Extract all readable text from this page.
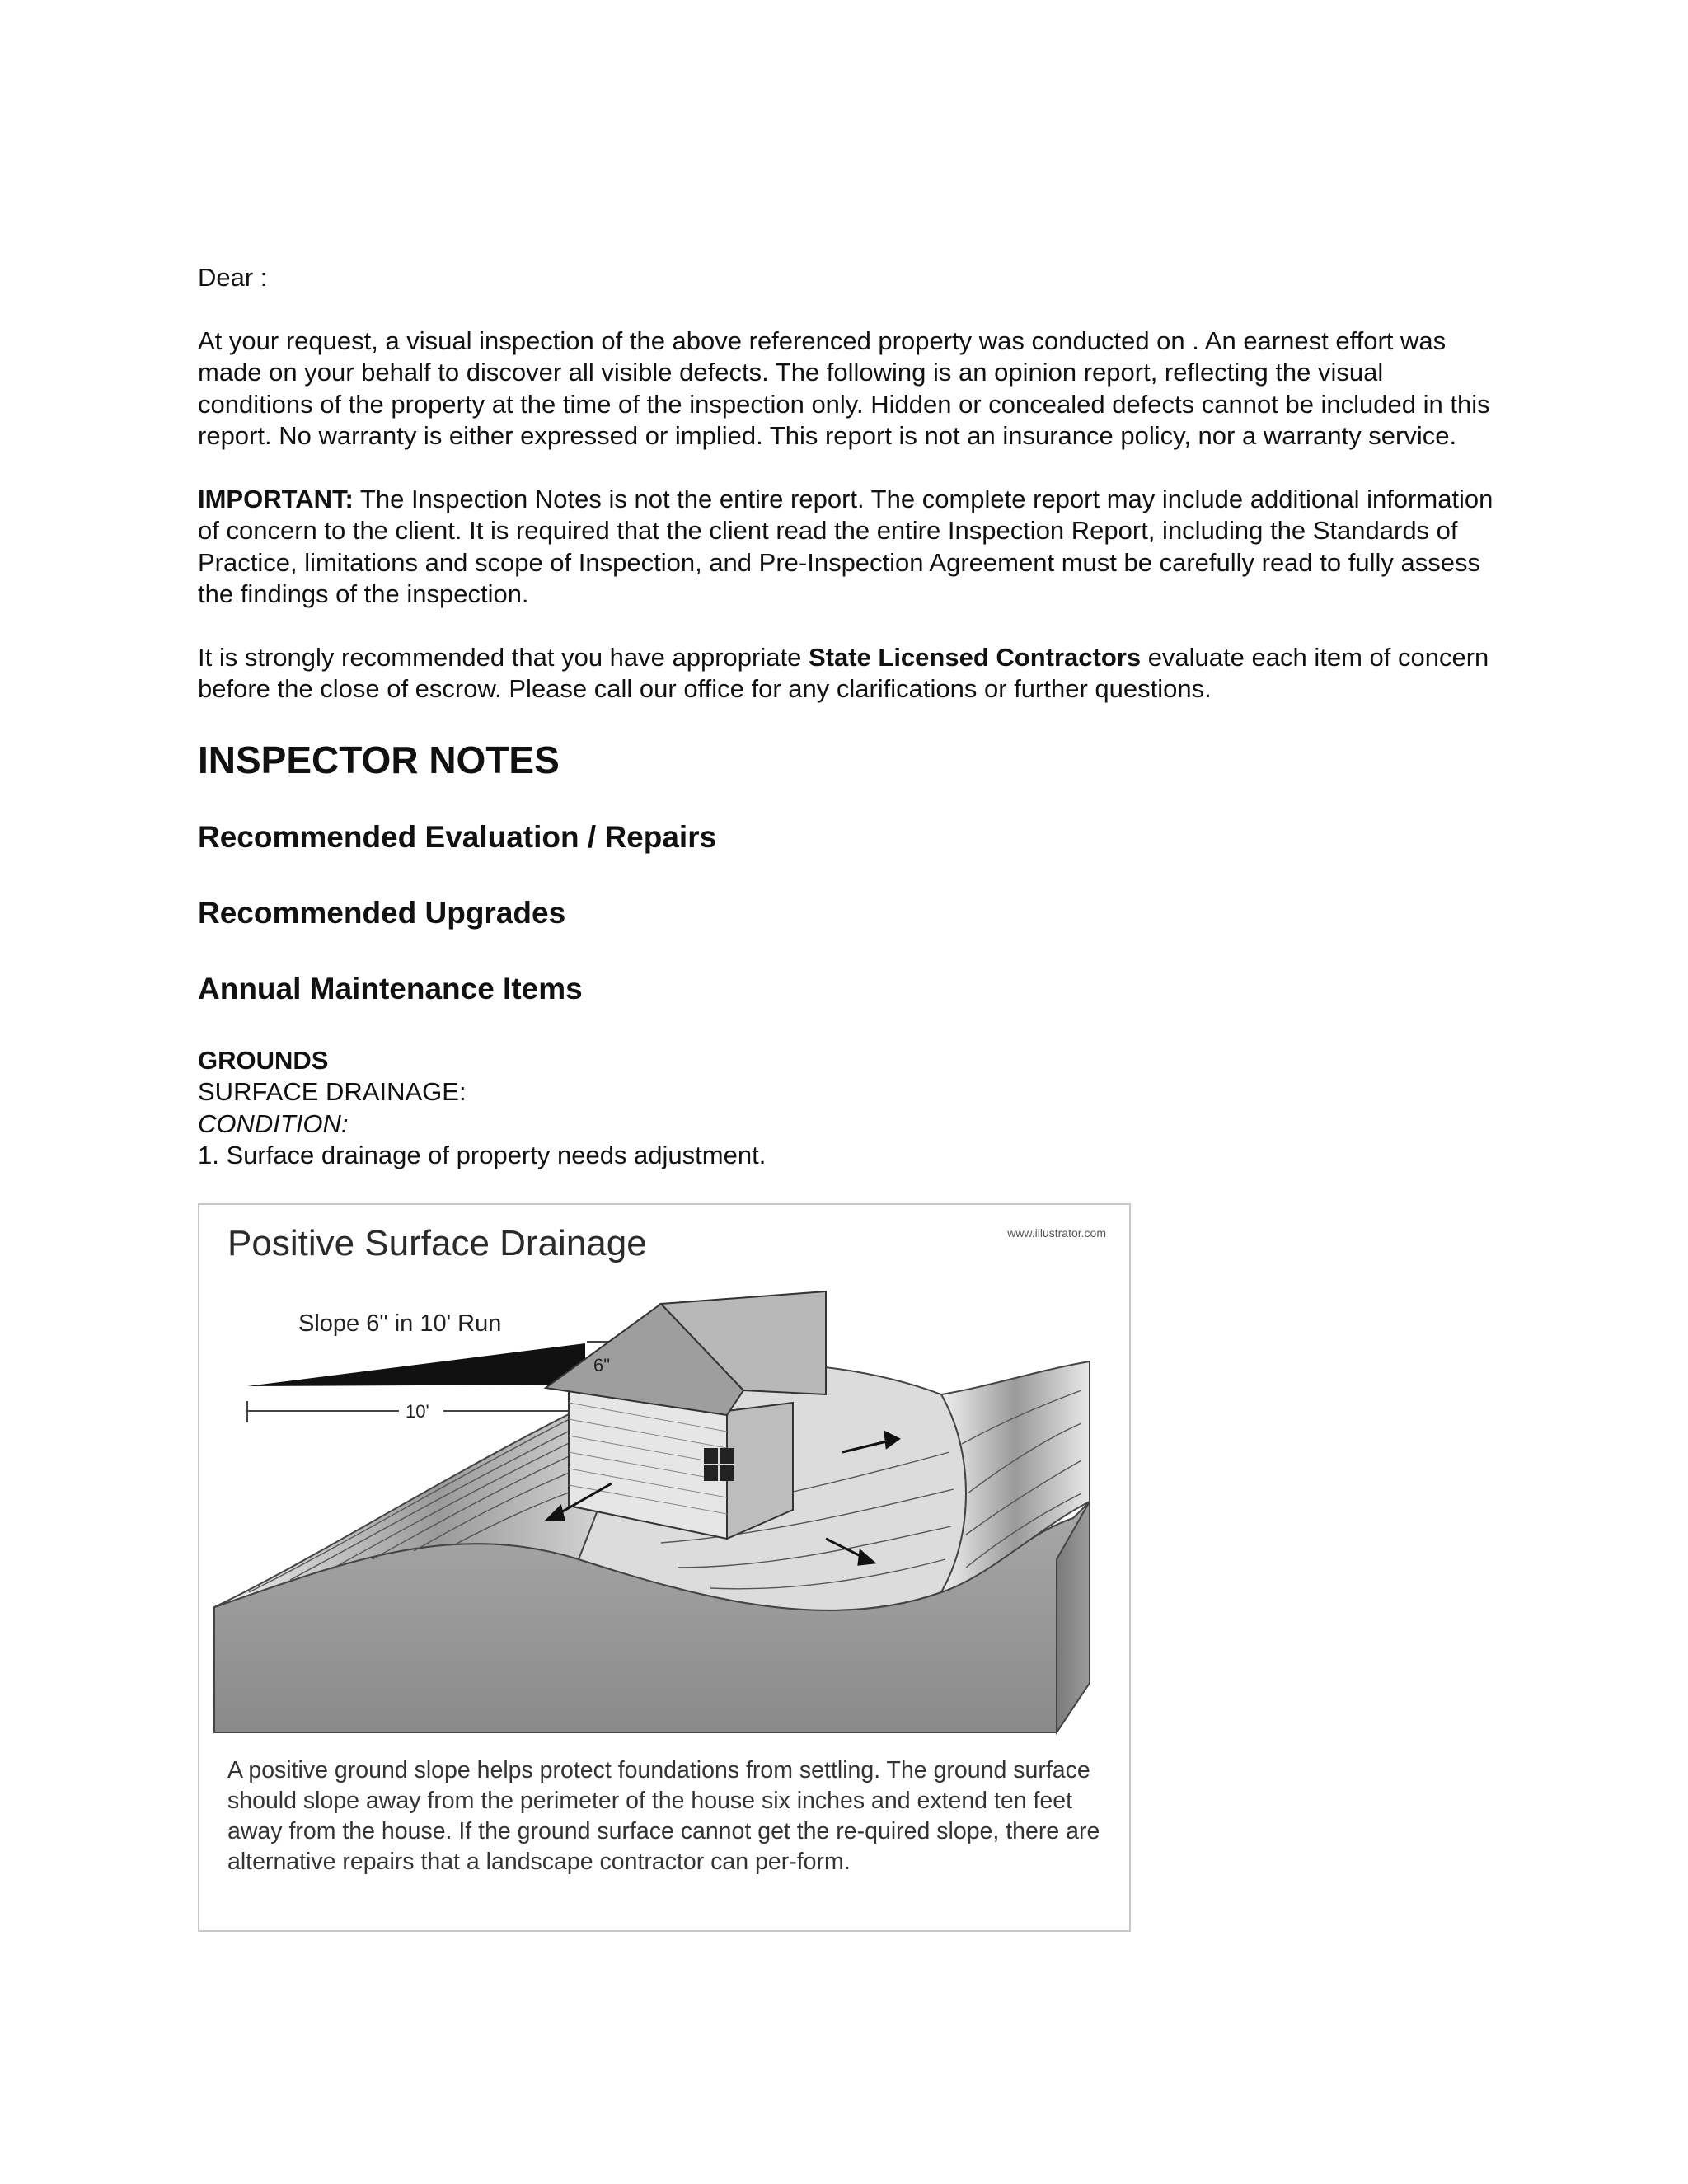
Dear :

At your request, a visual inspection of the above referenced property was conducted on . An earnest effort was made on your behalf to discover all visible defects. The following is an opinion report, reflecting the visual conditions of the property at the time of the inspection only. Hidden or concealed defects cannot be included in this report. No warranty is either expressed or implied. This report is not an insurance policy, nor a warranty service.

IMPORTANT: The Inspection Notes is not the entire report. The complete report may include additional information of concern to the client. It is required that the client read the entire Inspection Report, including the Standards of Practice, limitations and scope of Inspection, and Pre-Inspection Agreement must be carefully read to fully assess the findings of the inspection.

It is strongly recommended that you have appropriate State Licensed Contractors evaluate each item of concern before the close of escrow. Please call our office for any clarifications or further questions.

INSPECTOR NOTES
Recommended Evaluation / Repairs
Recommended Upgrades
Annual Maintenance Items

GROUNDS

SURFACE DRAINAGE:

CONDITION:

1. Surface drainage of property needs adjustment.

Positive Surface Drainage	www.illustrator.com
Slope 6" in 10' Run
6"
10'
A positive ground slope helps protect foundations from settling. The ground surface should slope away from the perimeter of the house six inches and extend ten feet away from the house. If the ground surface cannot get the re-quired slope, there are alternative repairs that a landscape contractor can per-form.
